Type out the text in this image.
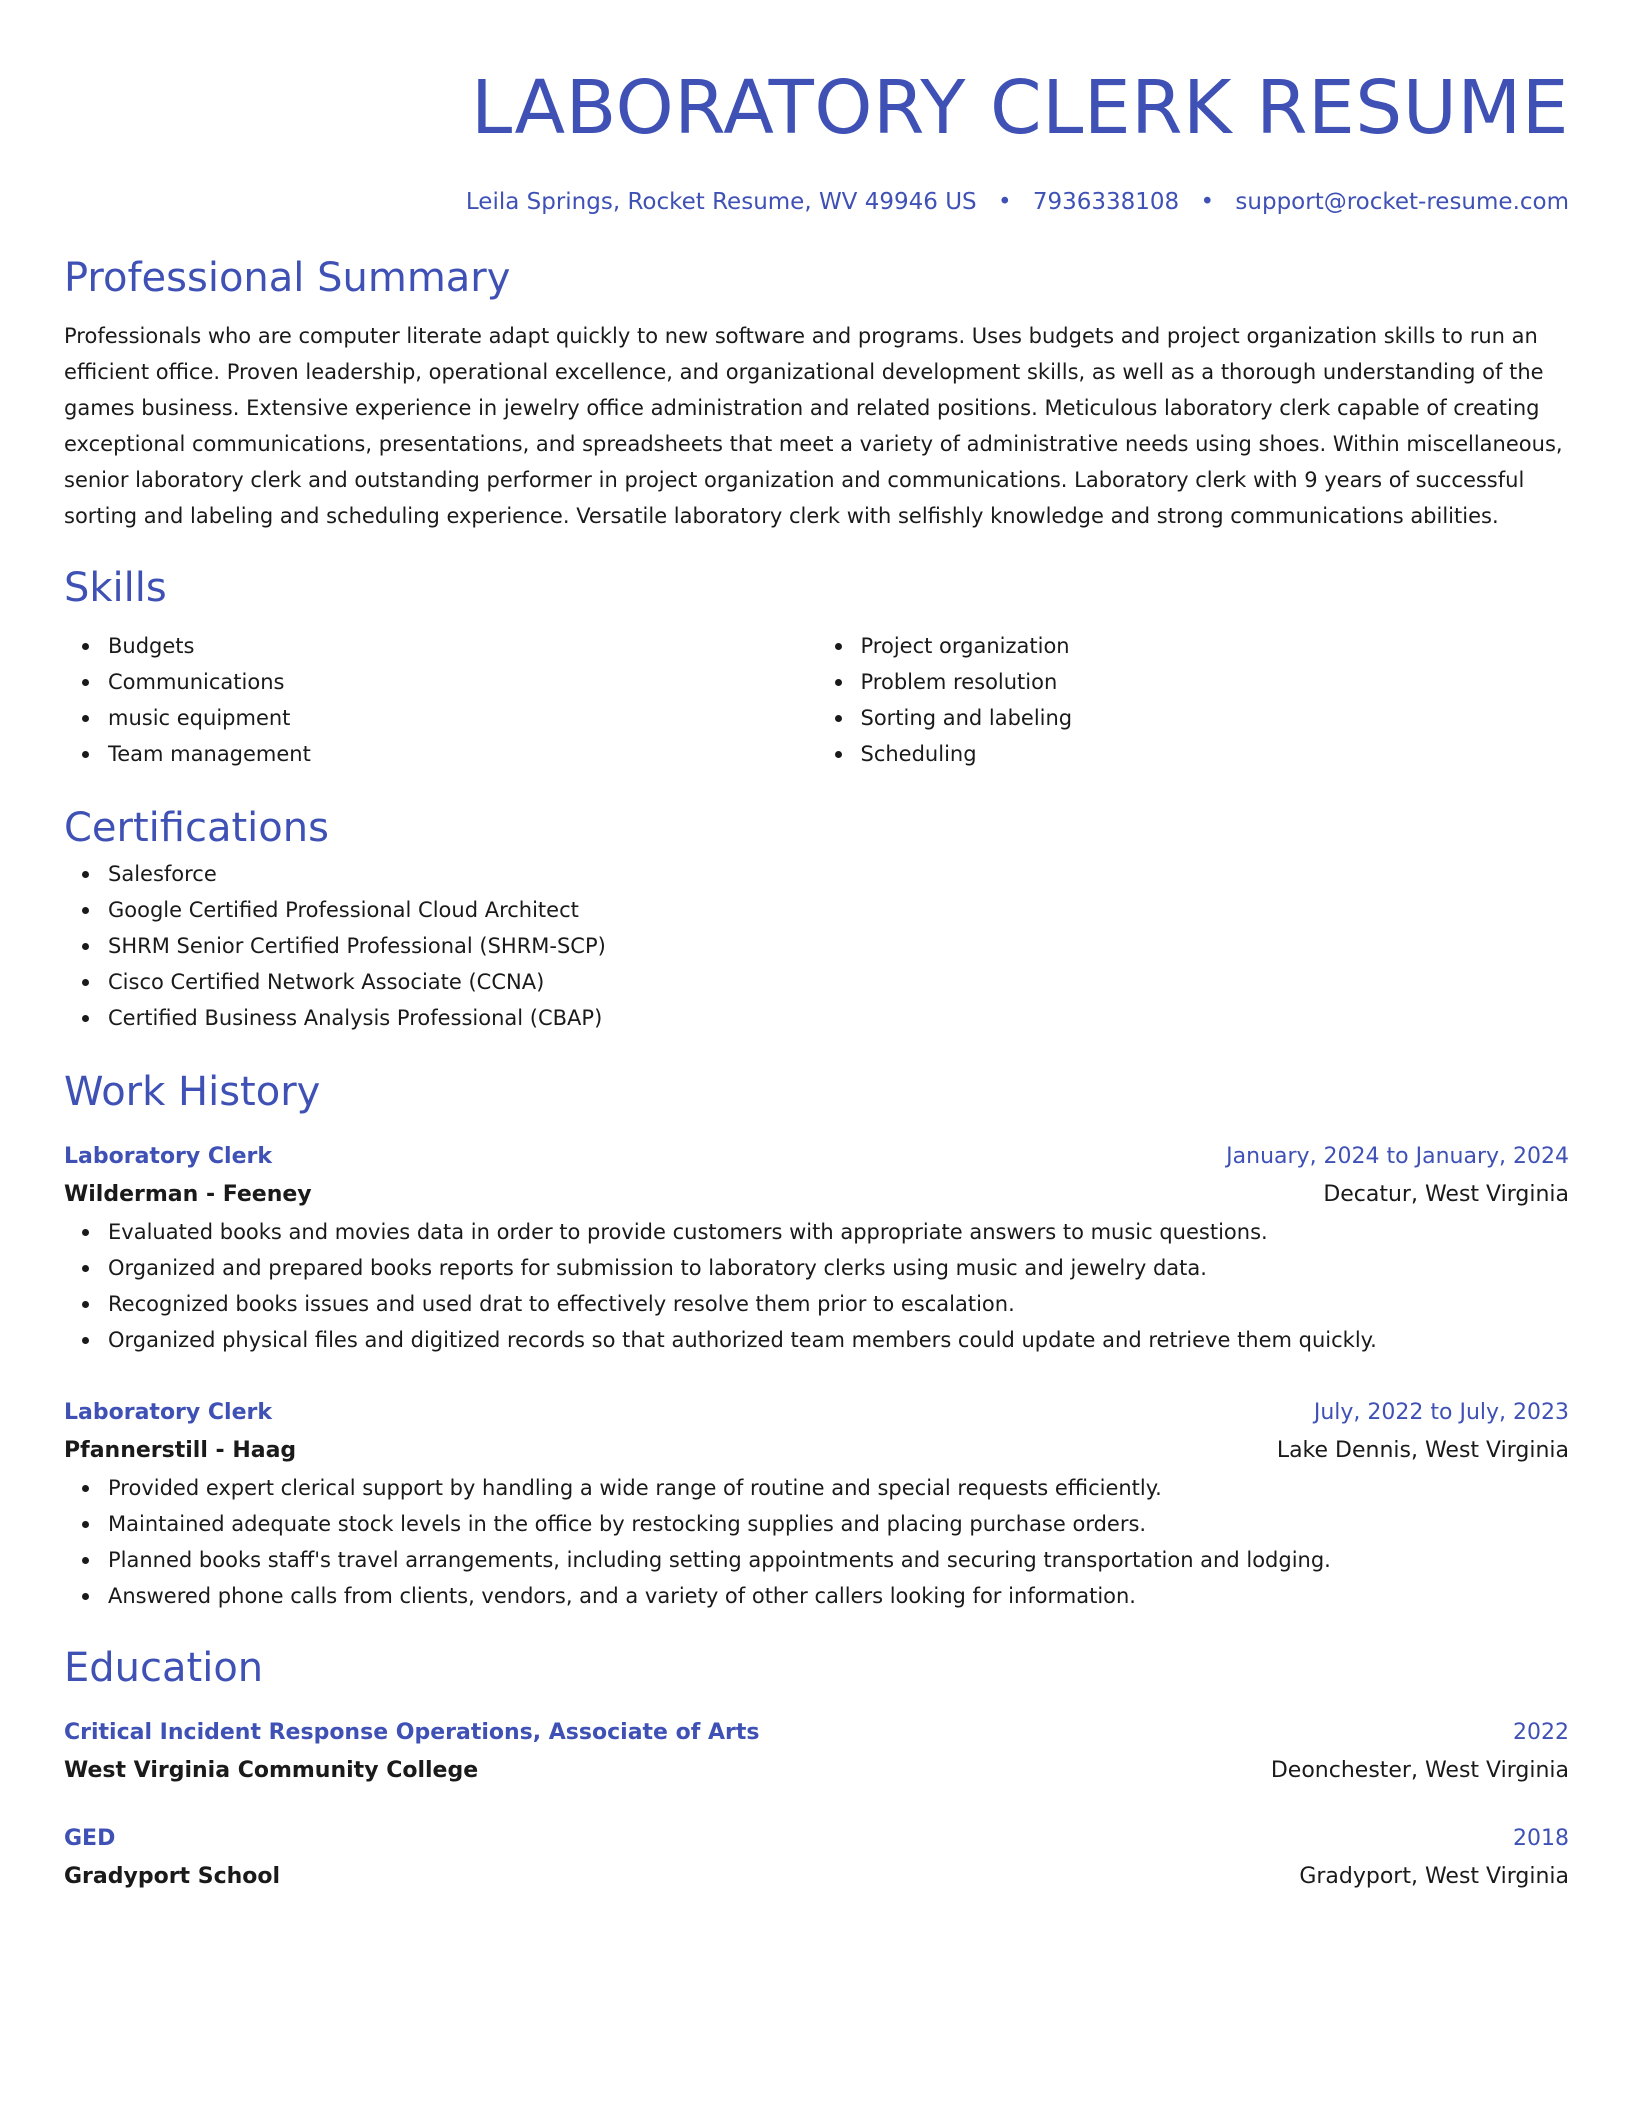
LABORATORY CLERK RESUME
Leila Springs, Rocket Resume, WV 49946 US • 7936338108 • support@rocket-resume.com
Professional Summary

Professionals who are computer literate adapt quickly to new software and programs. Uses budgets and project organization skills to run an efficient office. Proven leadership, operational excellence, and organizational development skills, as well as a thorough understanding of the games business. Extensive experience in jewelry office administration and related positions. Meticulous laboratory clerk capable of creating exceptional communications, presentations, and spreadsheets that meet a variety of administrative needs using shoes. Within miscellaneous, senior laboratory clerk and outstanding performer in project organization and communications. Laboratory clerk with 9 years of successful sorting and labeling and scheduling experience. Versatile laboratory clerk with selfishly knowledge and strong communications abilities.

Skills
Budgets
Communications
music equipment
Team management
Project organization
Problem resolution
Sorting and labeling
Scheduling
Certifications
Salesforce
Google Certified Professional Cloud Architect
SHRM Senior Certified Professional (SHRM-SCP)
Cisco Certified Network Associate (CCNA)
Certified Business Analysis Professional (CBAP)
Work History
Laboratory Clerk	January, 2024 to January, 2024
Wilderman - Feeney	Decatur, West Virginia
Evaluated books and movies data in order to provide customers with appropriate answers to music questions.
Organized and prepared books reports for submission to laboratory clerks using music and jewelry data.
Recognized books issues and used drat to effectively resolve them prior to escalation.
Organized physical files and digitized records so that authorized team members could update and retrieve them quickly.
Laboratory Clerk	July, 2022 to July, 2023
Pfannerstill - Haag	Lake Dennis, West Virginia
Provided expert clerical support by handling a wide range of routine and special requests efficiently.
Maintained adequate stock levels in the office by restocking supplies and placing purchase orders.
Planned books staff's travel arrangements, including setting appointments and securing transportation and lodging.
Answered phone calls from clients, vendors, and a variety of other callers looking for information.
Education
Critical Incident Response Operations, Associate of Arts	2022
West Virginia Community College	Deonchester, West Virginia
GED	2018
Gradyport School	Gradyport, West Virginia
